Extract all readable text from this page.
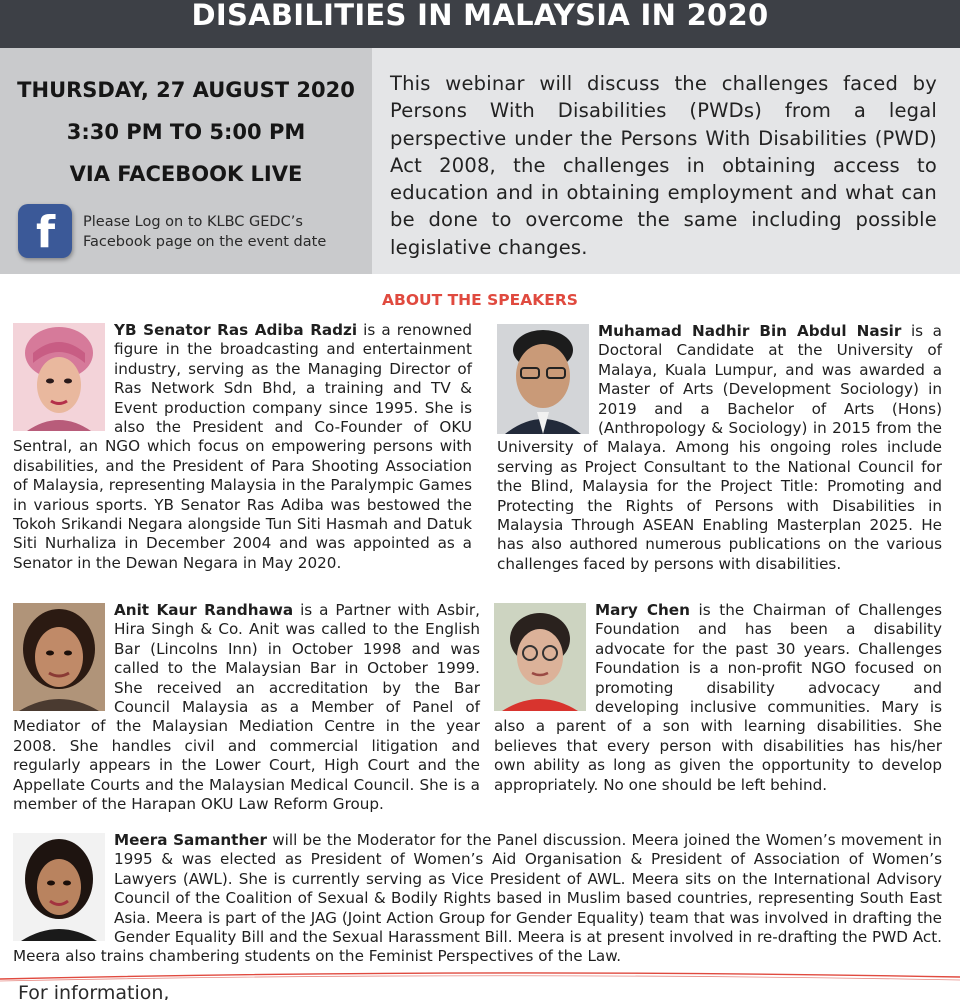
DISABILITIES IN MALAYSIA IN 2020
THURSDAY, 27 AUGUST 2020
3:30 PM TO 5:00 PM
VIA FACEBOOK LIVE
f Please Log on to KLBC GEDC’s Facebook page on the event date
This webinar will discuss the challenges faced by Persons With Disabilities (PWDs) from a legal perspective under the Persons With Disabilities (PWD) Act 2008, the challenges in obtaining access to education and in obtaining employment and what can be done to overcome the same including possible legislative changes.
ABOUT THE SPEAKERS
YB Senator Ras Adiba Radzi is a renowned figure in the broadcasting and entertainment industry, serving as the Managing Director of Ras Network Sdn Bhd, a training and TV & Event production company since 1995. She is also the President and Co-Founder of OKU Sentral, an NGO which focus on empowering persons with disabilities, and the President of Para Shooting Association of Malaysia, representing Malaysia in the Paralympic Games in various sports. YB Senator Ras Adiba was bestowed the Tokoh Srikandi Negara alongside Tun Siti Hasmah and Datuk Siti Nurhaliza in December 2004 and was appointed as a Senator in the Dewan Negara in May 2020.
Muhamad Nadhir Bin Abdul Nasir is a Doctoral Candidate at the University of Malaya, Kuala Lumpur, and was awarded a Master of Arts (Development Sociology) in 2019 and a Bachelor of Arts (Hons) (Anthropology & Sociology) in 2015 from the University of Malaya. Among his ongoing roles include serving as Project Consultant to the National Council for the Blind, Malaysia for the Project Title: Promoting and Protecting the Rights of Persons with Disabilities in Malaysia Through ASEAN Enabling Masterplan 2025. He has also authored numerous publications on the various challenges faced by persons with disabilities.
Anit Kaur Randhawa is a Partner with Asbir, Hira Singh & Co. Anit was called to the English Bar (Lincolns Inn) in October 1998 and was called to the Malaysian Bar in October 1999. She received an accreditation by the Bar Council Malaysia as a Member of Panel of Mediator of the Malaysian Mediation Centre in the year 2008. She handles civil and commercial litigation and regularly appears in the Lower Court, High Court and the Appellate Courts and the Malaysian Medical Council. She is a member of the Harapan OKU Law Reform Group.
Mary Chen is the Chairman of Challenges Foundation and has been a disability advocate for the past 30 years. Challenges Foundation is a non-profit NGO focused on promoting disability advocacy and developing inclusive communities. Mary is also a parent of a son with learning disabilities. She believes that every person with disabilities has his/her own ability as long as given the opportunity to develop appropriately. No one should be left behind.
Meera Samanther will be the Moderator for the Panel discussion. Meera joined the Women’s movement in 1995 & was elected as President of Women’s Aid Organisation & President of Association of Women’s Lawyers (AWL). She is currently serving as Vice President of AWL. Meera sits on the International Advisory Council of the Coalition of Sexual & Bodily Rights based in Muslim based countries, representing South East Asia. Meera is part of the JAG (Joint Action Group for Gender Equality) team that was involved in drafting the Gender Equality Bill and the Sexual Harassment Bill. Meera is at present involved in re-drafting the PWD Act. Meera also trains chambering students on the Feminist Perspectives of the Law.
For information,
